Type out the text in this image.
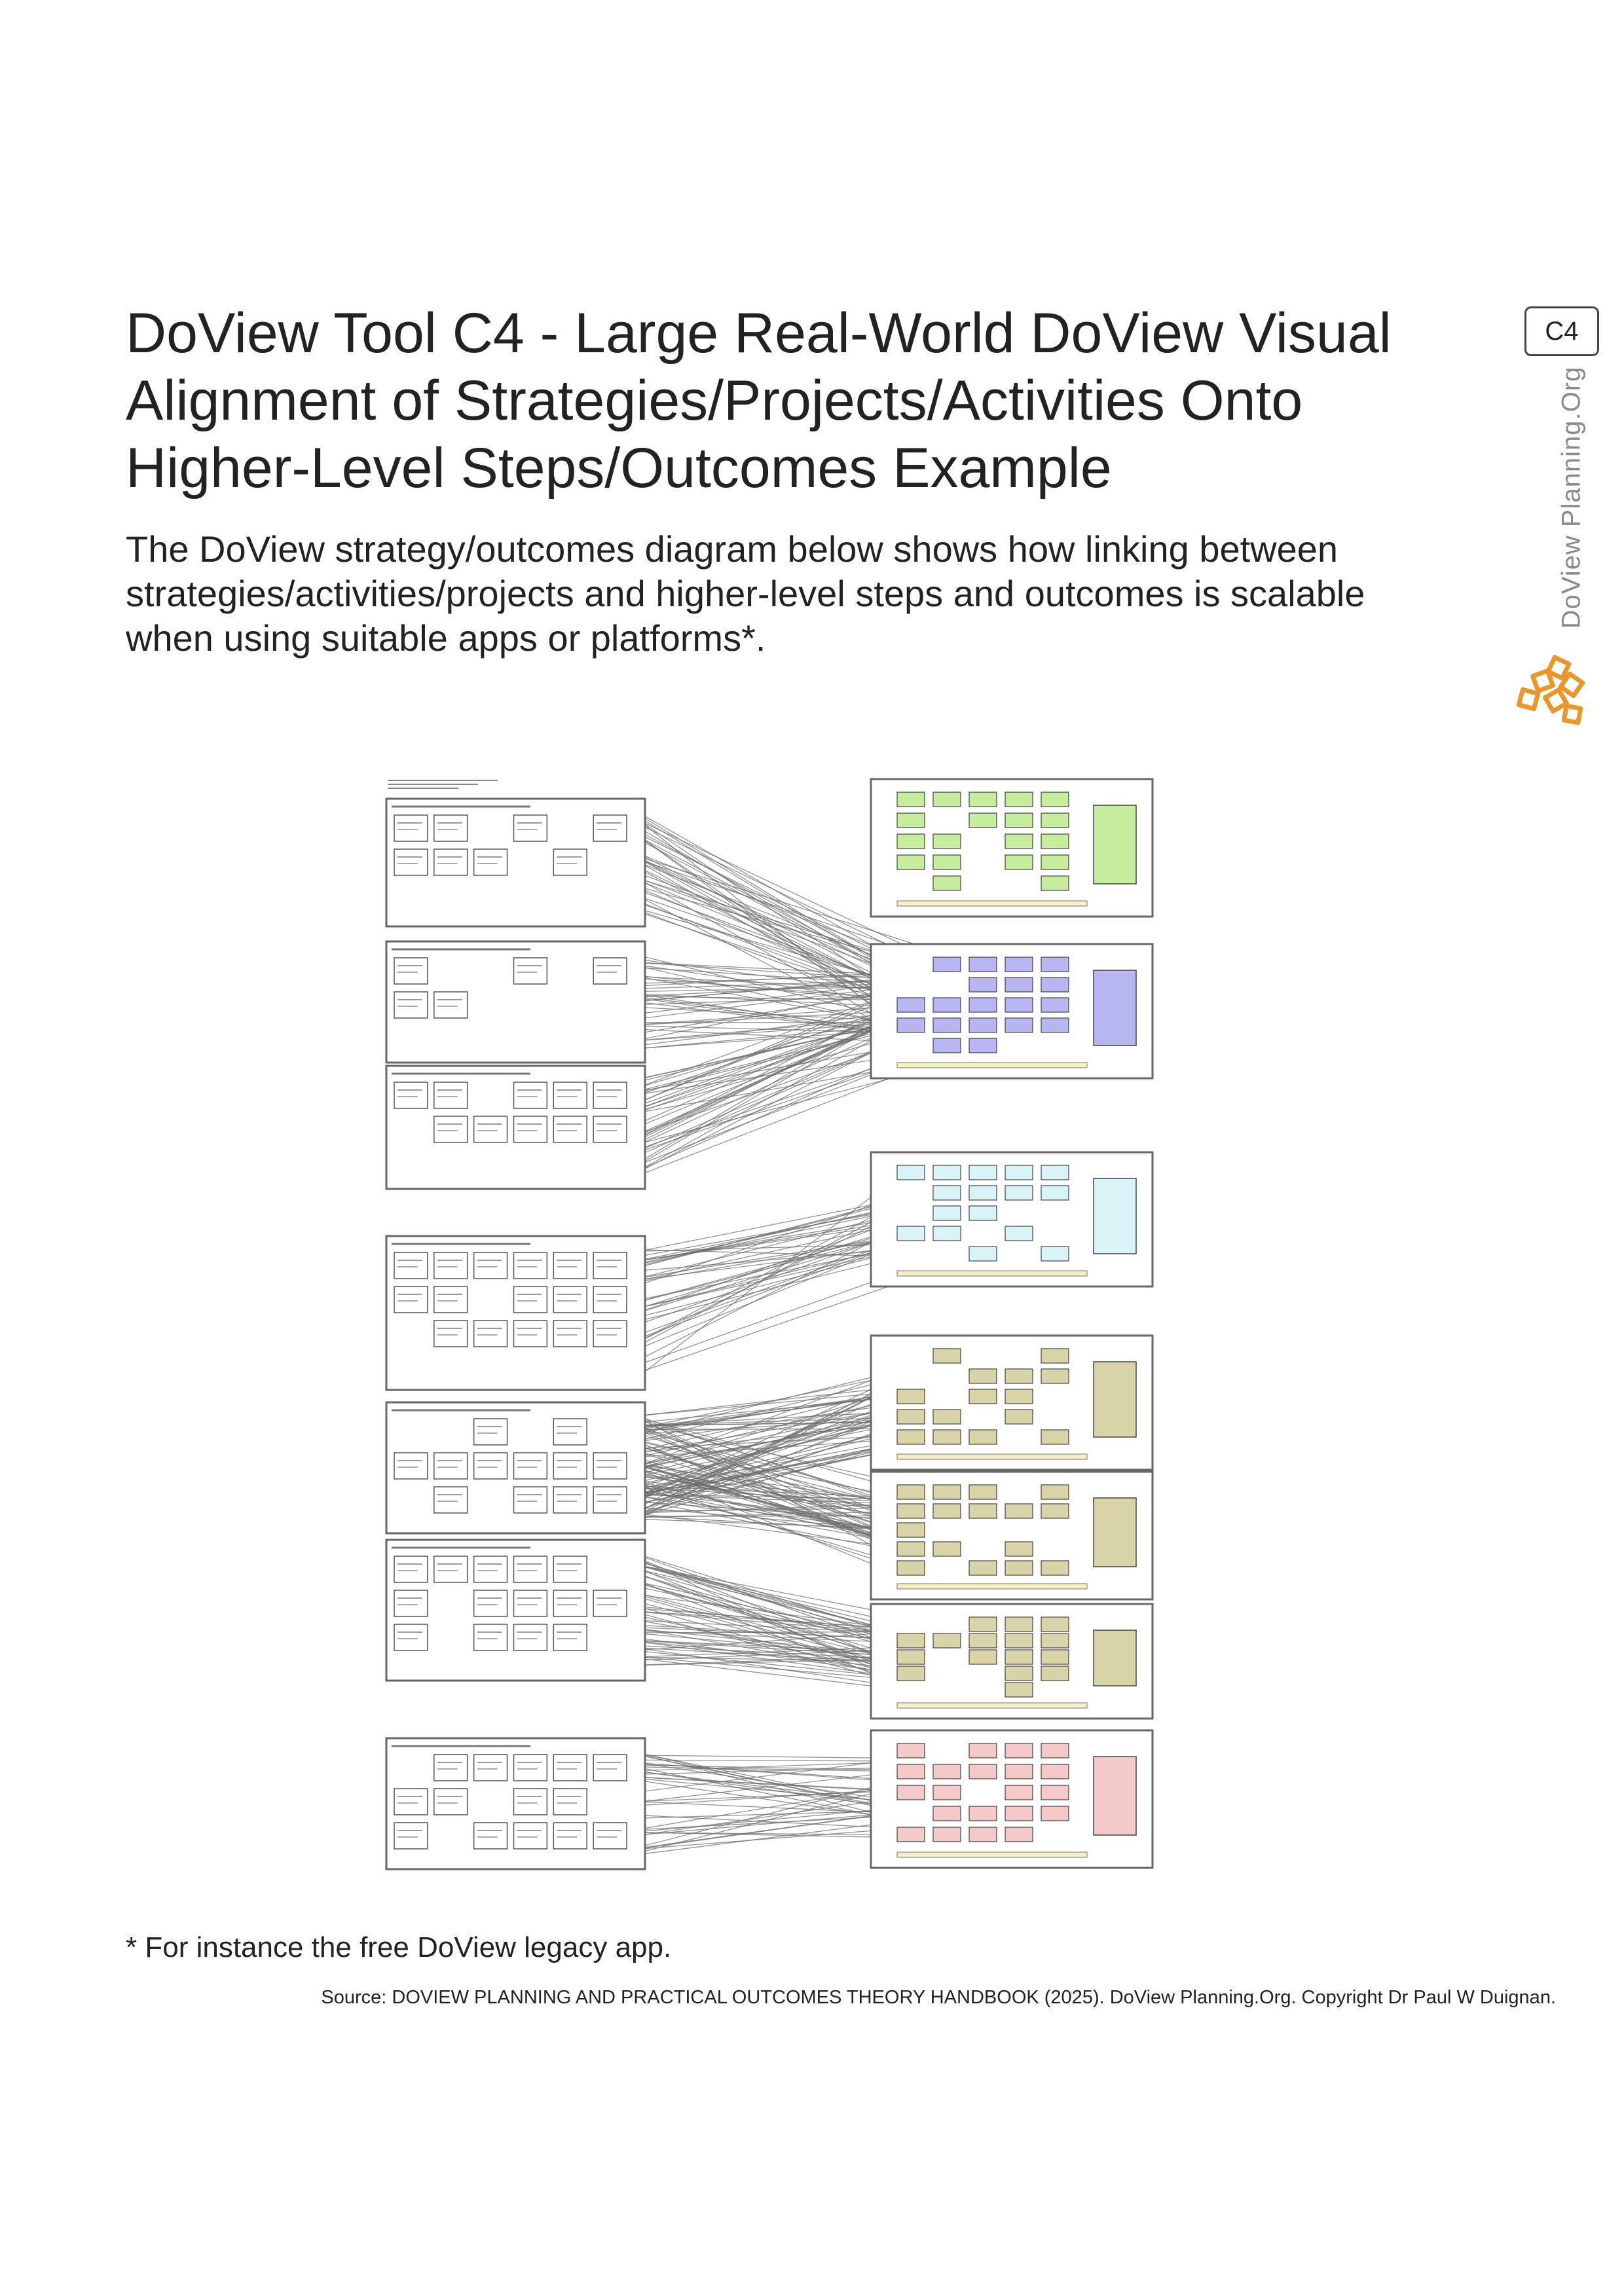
DoView Tool C4 - Large Real-World DoView Visual
Alignment of Strategies/Projects/Activities Onto
Higher-Level Steps/Outcomes Example

The DoView strategy/outcomes diagram below shows how linking between
strategies/activities/projects and higher-level steps and outcomes is scalable
when using suitable apps or platforms*.

C4
DoView Planning.Org

* For instance the free DoView legacy app.

Source: DOVIEW PLANNING AND PRACTICAL OUTCOMES THEORY HANDBOOK (2025). DoView Planning.Org. Copyright Dr Paul W Duignan.
